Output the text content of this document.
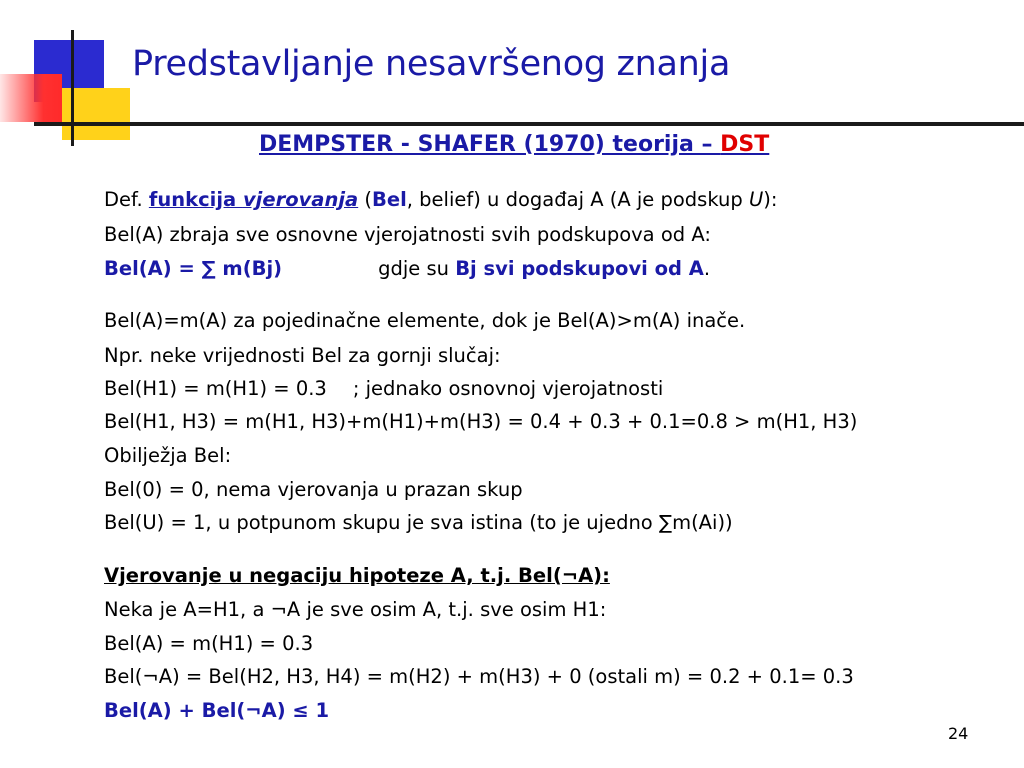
Predstavljanje nesavršenog znanja
DEMPSTER - SHAFER (1970) teorija – DST
Def. funkcija vjerovanja (Bel, belief) u događaj A (A je podskup U):
Bel(A) zbraja sve osnovne vjerojatnosti svih podskupova od A:
Bel(A) = ∑ m(Bj)	gdje su Bj svi podskupovi od A.
Bel(A)=m(A) za pojedinačne elemente, dok je Bel(A)>m(A) inače.
Npr. neke vrijednosti Bel za gornji slučaj:
Bel(H1) = m(H1) = 0.3 ; jednako osnovnoj vjerojatnosti
Bel(H1, H3) = m(H1, H3)+m(H1)+m(H3) = 0.4 + 0.3 + 0.1=0.8 > m(H1, H3)
Obilježja Bel:
Bel(0) = 0, nema vjerovanja u prazan skup
Bel(U) = 1, u potpunom skupu je sva istina (to je ujedno ∑m(Ai))
Vjerovanje u negaciju hipoteze A, t.j. Bel(¬A):
Neka je A=H1, a ¬A je sve osim A, t.j. sve osim H1:
Bel(A) = m(H1) = 0.3
Bel(¬A) = Bel(H2, H3, H4) = m(H2) + m(H3) + 0 (ostali m) = 0.2 + 0.1= 0.3
Bel(A) + Bel(¬A) ≤ 1
24
